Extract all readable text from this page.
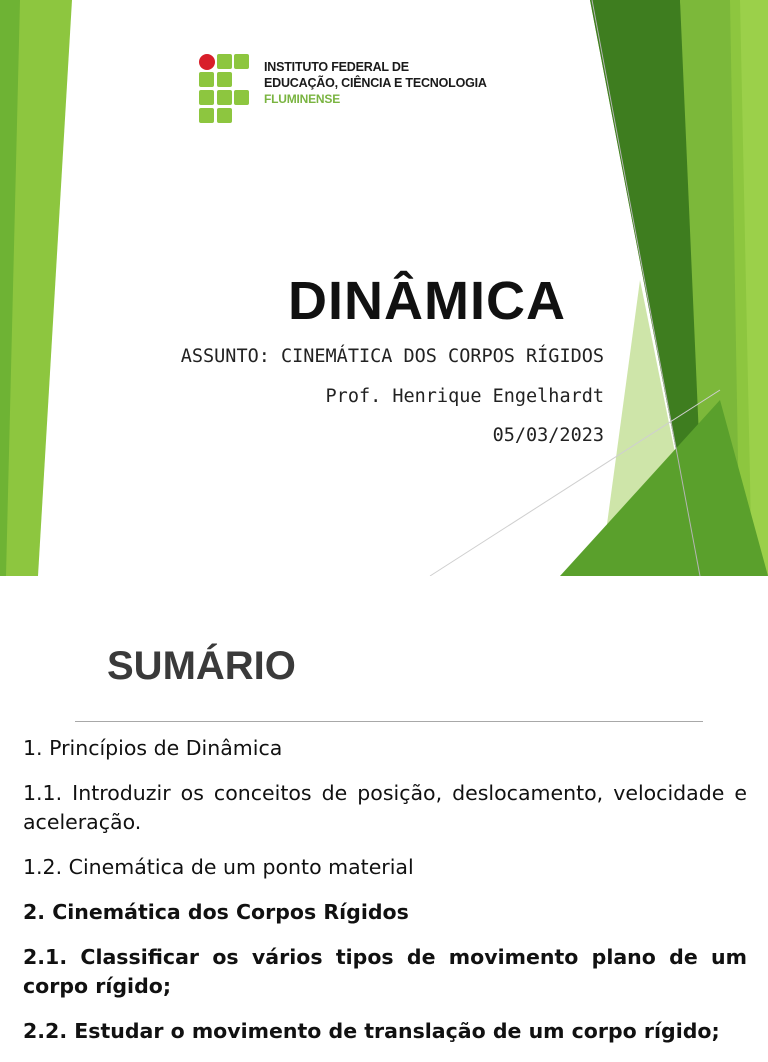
INSTITUTO FEDERAL DE
EDUCAÇÃO, CIÊNCIA E TECNOLOGIA
FLUMINENSE
DINÂMICA
ASSUNTO: CINEMÁTICA DOS CORPOS RÍGIDOS
Prof. Henrique Engelhardt
05/03/2023
SUMÁRIO
1. Princípios de Dinâmica
1.1. Introduzir os conceitos de posição, deslocamento, velocidade e aceleração.
1.2. Cinemática de um ponto material
2. Cinemática dos Corpos Rígidos
2.1. Classificar os vários tipos de movimento plano de um corpo rígido;
2.2. Estudar o movimento de translação de um corpo rígido;
